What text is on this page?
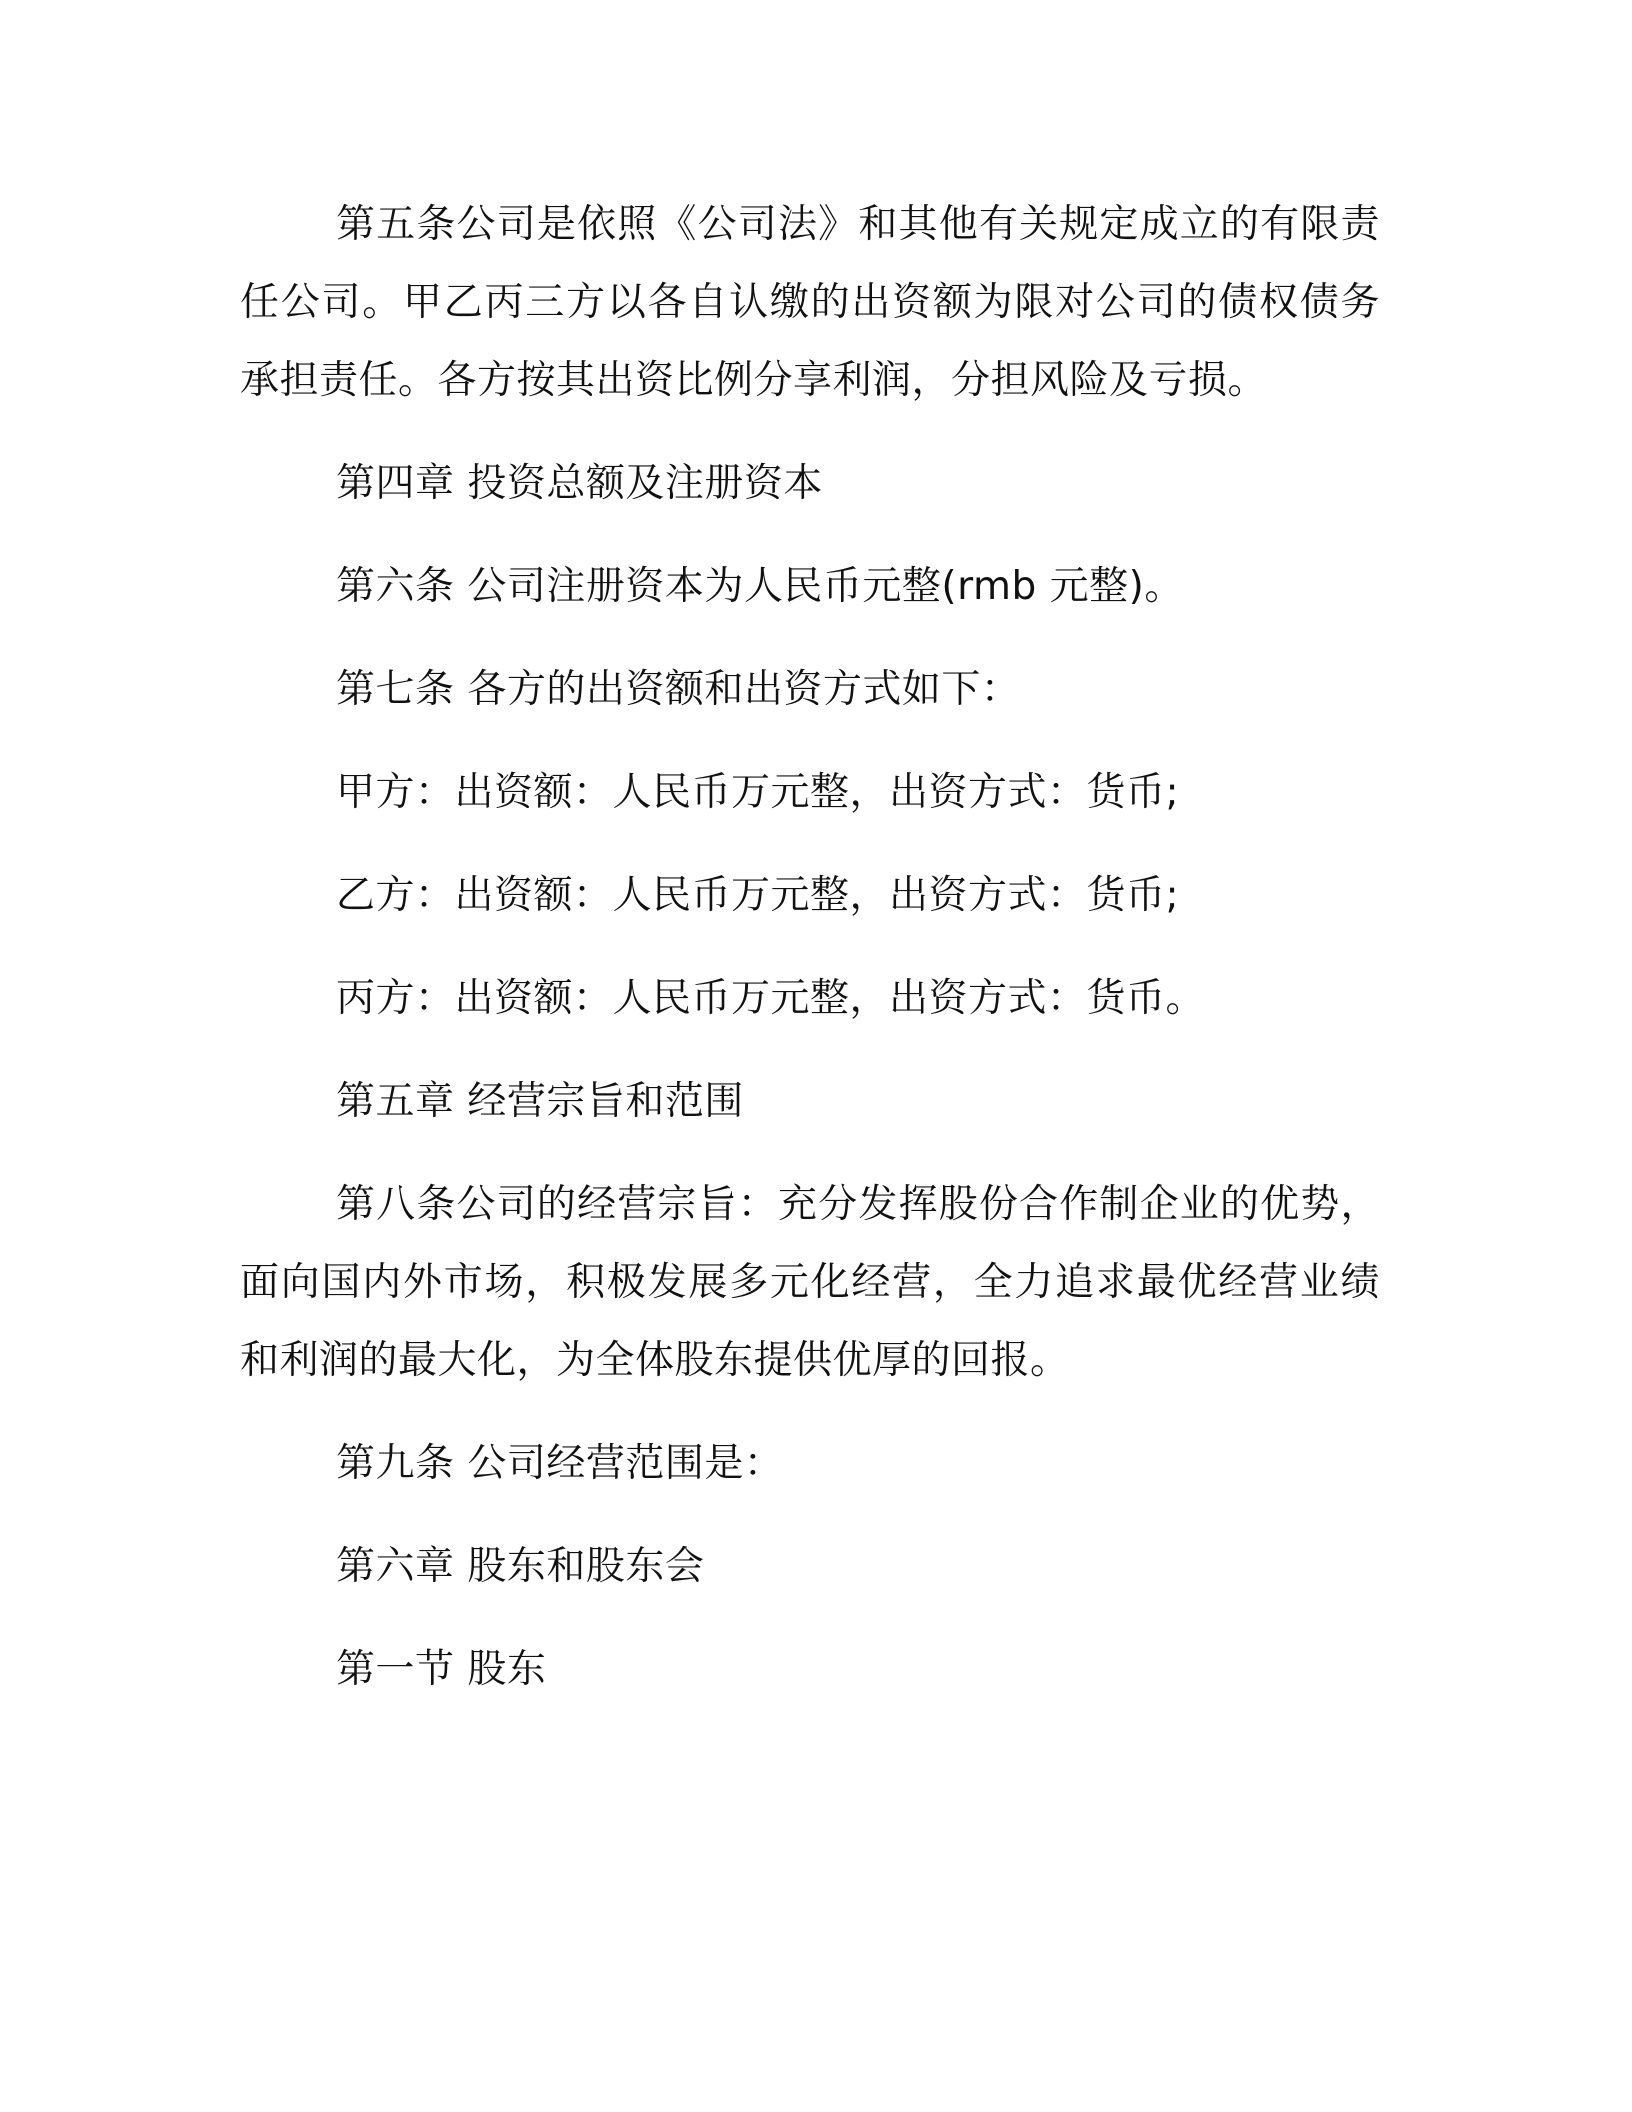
第五条公司是依照《公司法》和其他有关规定成立的有限责任公司。甲乙丙三方以各自认缴的出资额为限对公司的债权债务承担责任。各方按其出资比例分享利润，分担风险及亏损。

第四章 投资总额及注册资本

第六条 公司注册资本为人民币元整(rmb 元整)。

第七条 各方的出资额和出资方式如下：

甲方：出资额：人民币万元整，出资方式：货币;

乙方：出资额：人民币万元整，出资方式：货币;

丙方：出资额：人民币万元整，出资方式：货币。

第五章 经营宗旨和范围

第八条公司的经营宗旨：充分发挥股份合作制企业的优势，面向国内外市场，积极发展多元化经营，全力追求最优经营业绩和利润的最大化，为全体股东提供优厚的回报。

第九条 公司经营范围是：

第六章 股东和股东会

第一节 股东
